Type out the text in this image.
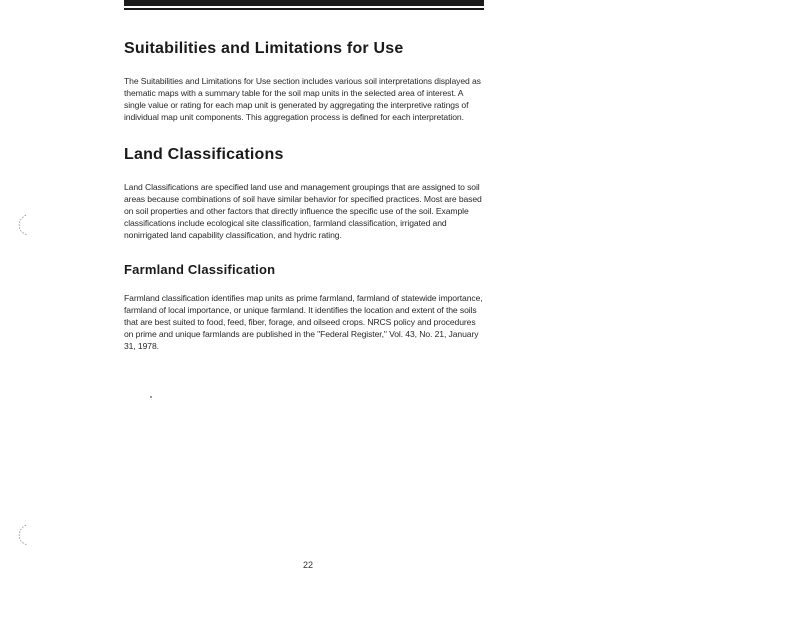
Suitabilities and Limitations for Use

The Suitabilities and Limitations for Use section includes various soil interpretations displayed as thematic maps with a summary table for the soil map units in the selected area of interest. A single value or rating for each map unit is generated by aggregating the interpretive ratings of individual map unit components. This aggregation process is defined for each interpretation.

Land Classifications

Land Classifications are specified land use and management groupings that are assigned to soil areas because combinations of soil have similar behavior for specified practices. Most are based on soil properties and other factors that directly influence the specific use of the soil. Example classifications include ecological site classification, farmland classification, irrigated and nonirrigated land capability classification, and hydric rating.

Farmland Classification

Farmland classification identifies map units as prime farmland, farmland of statewide importance, farmland of local importance, or unique farmland. It identifies the location and extent of the soils that are best suited to food, feed, fiber, forage, and oilseed crops. NRCS policy and procedures on prime and unique farmlands are published in the "Federal Register," Vol. 43, No. 21, January 31, 1978.

22
